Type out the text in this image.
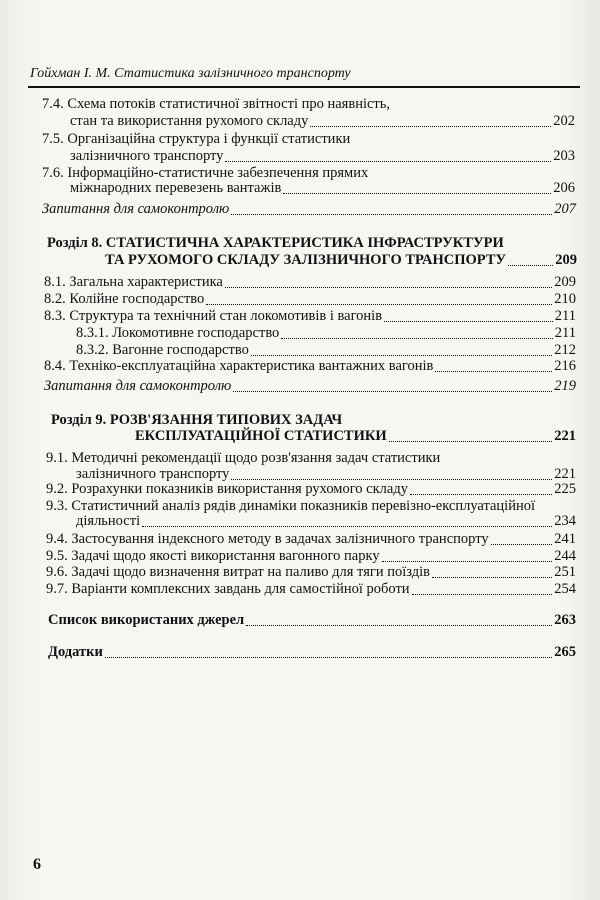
Гойхман І. М. Статистика залізничного транспорту
7.4. Схема потоків статистичної звітності про наявність,
стан та використання рухомого складу	202
7.5. Організаційна структура і функції статистики
залізничного транспорту	203
7.6. Інформаційно-статистичне забезпечення прямих
міжнародних перевезень вантажів	206
Запитання для самоконтролю	207
Розділ 8. СТАТИСТИЧНА ХАРАКТЕРИСТИКА ІНФРАСТРУКТУРИ
ТА РУХОМОГО СКЛАДУ ЗАЛІЗНИЧНОГО ТРАНСПОРТУ	209
8.1. Загальна характеристика	209
8.2. Колійне господарство	210
8.3. Структура та технічний стан локомотивів і вагонів	211
8.3.1. Локомотивне господарство	211
8.3.2. Вагонне господарство	212
8.4. Техніко-експлуатаційна характеристика вантажних вагонів	216
Запитання для самоконтролю	219
Розділ 9. РОЗВ'ЯЗАННЯ ТИПОВИХ ЗАДАЧ
ЕКСПЛУАТАЦІЙНОЇ СТАТИСТИКИ	221
9.1. Методичні рекомендації щодо розв'язання задач статистики
залізничного транспорту	221
9.2. Розрахунки показників використання рухомого складу	225
9.3. Статистичний аналіз рядів динаміки показників перевізно-експлуатаційної
діяльності	234
9.4. Застосування індексного методу в задачах залізничного транспорту	241
9.5. Задачі щодо якості використання вагонного парку	244
9.6. Задачі щодо визначення витрат на паливо для тяги поїздів	251
9.7. Варіанти комплексних завдань для самостійної роботи	254
Список використаних джерел	263
Додатки	265
6
